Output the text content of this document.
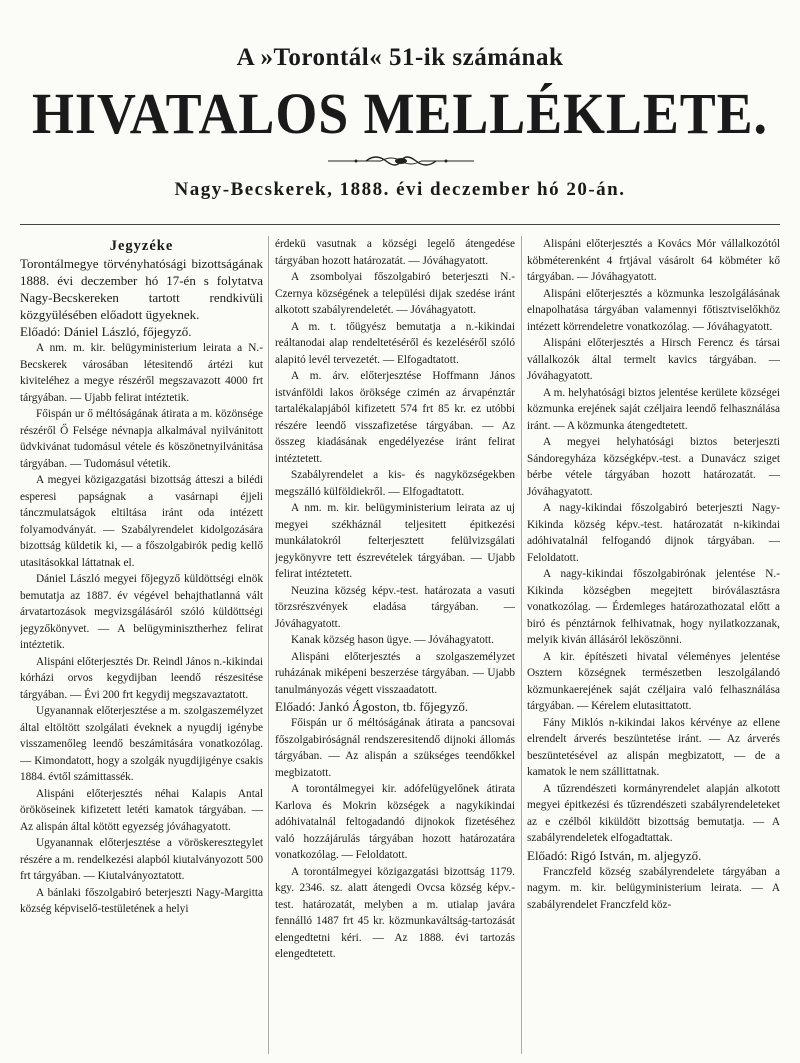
A »Torontál« 51-ik számának
HIVATALOS MELLÉKLETE.
Nagy-Becskerek, 1888. évi deczember hó 20-án.
Jegyzéke

Torontálmegye törvényhatósági bizottságának 1888. évi deczember hó 17-én s folytatva Nagy-Becskereken tartott rendkivüli közgyülésében előadott ügyeknek.

Előadó: Dániel László, főjegyző.

A nm. m. kir. belügyministerium leirata a N.-Becskerek városában létesitendő ártézi kut kiviteléhez a megye részéről megszavazott 4000 frt tárgyában. — Ujabb felirat intéztetik.

Főispán ur ő méltóságának átirata a m. közönsége részéről Ő Felsége névnapja alkalmával nyilvánitott üdvkivánat tudomásul vétele és köszönetnyilvánitása tárgyában. — Tudomásul vétetik.

A megyei közigazgatási bizottság átteszi a bilédi esperesi papságnak a vasárnapi éjjeli tánczmulatságok eltiltása iránt oda intézett folyamodványát. — Szabályrendelet kidolgozására bizottság küldetik ki, — a főszolgabirók pedig kellő utasitásokkal láttatnak el.

Dániel László megyei főjegyző küldöttségi elnök bemutatja az 1887. év végével behajthatlanná vált árvatartozások megvizsgálásáról szóló küldöttségi jegyzőkönyvet. — A belügyminisztherhez felirat intéztetik.

Alispáni előterjesztés Dr. Reindl János n.-kikindai kórházi orvos kegydijban leendő részesitése tárgyában. — Évi 200 frt kegydij megszavaztatott.

Ugyanannak előterjesztése a m. szolgaszemélyzet által eltöltött szolgálati éveknek a nyugdij igénybe visszamenőleg leendő beszámitására vonatkozólag. — Kimondatott, hogy a szolgák nyugdijigénye csakis 1884. évtől számittassék.

Alispáni előterjesztés néhai Kalapis Antal örököseinek kifizetett letéti kamatok tárgyában. — Az alispán által kötött egyezség jóváhagyatott.

Ugyanannak előterjesztése a vöröskeresztegylet részére a m. rendelkezési alapból kiutalványozott 500 frt tárgyában. — Kiutalványoztatott.

A bánlaki főszolgabiró beterjeszti Nagy-Margitta község képviselő-testületének a helyi

érdekü vasutnak a községi legelő átengedése tárgyában hozott határozatát. — Jóváhagyatott.

A zsombolyai főszolgabiró beterjeszti N.-Czernya községének a települési dijak szedése iránt alkotott szabályrendeletét. — Jóváhagyatott.

A m. t. tőügyész bemutatja a n.-kikindai reáltanodai alap rendeltetéséről és kezeléséről szóló alapitó levél tervezetét. — Elfogadtatott.

A m. árv. előterjesztése Hoffmann János istvánföldi lakos öröksége czimén az árvapénztár tartalékalapjából kifizetett 574 frt 85 kr. ez utóbbi részére leendő visszafizetése tárgyában. — Az összeg kiadásának engedélyezése iránt felirat intéztetett.

Szabályrendelet a kis- és nagyközségekben megszálló külföldiekről. — Elfogadtatott.

A nm. m. kir. belügyministerium leirata az uj megyei székháznál teljesitett épitkezési munkálatokról felterjesztett felülvizsgálati jegykönyvre tett észrevételek tárgyában. — Ujabb felirat intéztetett.

Neuzina község képv.-test. határozata a vasuti törzsrészvények eladása tárgyában. — Jóváhagyatott.

Kanak község hason ügye. — Jóváhagyatott.

Alispáni előterjesztés a szolgaszemélyzet ruházának miképeni beszerzése tárgyában. — Ujabb tanulmányozás végett visszaadatott.

Előadó: Jankó Ágoston, tb. főjegyző.

Főispán ur ő méltóságának átirata a pancsovai főszolgabiróságnál rendszeresitendő dijnoki állomás tárgyában. — Az alispán a szükséges teendőkkel megbizatott.

A torontálmegyei kir. adófelügyelőnek átirata Karlova és Mokrin községek a nagykikindai adóhivatalnál feltogadandó dijnokok fizetéséhez való hozzájárulás tárgyában hozott határozatára vonatkozólag. — Feloldatott.

A torontálmegyei közigazgatási bizottság 1179. kgy. 2346. sz. alatt átengedi Ovcsa község képv.-test. határozatát, melyben a m. utialap javára fennálló 1487 frt 45 kr. közmunkaváltság-tartozását elengedtetni kéri. — Az 1888. évi tartozás elengedtetett.

Alispáni előterjesztés a Kovács Mór vállalkozótól köbméterenként 4 frtjával vásárolt 64 köbméter kő tárgyában. — Jóváhagyatott.

Alispáni előterjesztés a közmunka leszolgálásának elnapolhatása tárgyában valamennyi főtisztviselőkhöz intézett körrendeletre vonatkozólag. — Jóváhagyatott.

Alispáni előterjesztés a Hirsch Ferencz és társai vállalkozók által termelt kavics tárgyában. — Jóváhagyatott.

A m. helyhatósági biztos jelentése kerülete községei közmunka erejének saját czéljaira leendő felhasználása iránt. — A közmunka átengedtetett.

A megyei helyhatósági biztos beterjeszti Sándoregyháza községképv.-test. a Dunavácz sziget bérbe vétele tárgyában hozott határozatát. — Jóváhagyatott.

A nagy-kikindai főszolgabiró beterjeszti Nagy-Kikinda község képv.-test. határozatát n-kikindai adóhivatalnál felfogandó dijnok tárgyában. — Feloldatott.

A nagy-kikindai főszolgabirónak jelentése N.-Kikinda községben megejtett biróválasztásra vonatkozólag. — Érdemleges határozathozatal előtt a biró és pénztárnok felhivatnak, hogy nyilatkozzanak, melyik kiván állásáról leköszönni.

A kir. építészeti hivatal véleményes jelentése Osztern községnek természetben leszolgálandó közmunkaerejének saját czéljaira való felhasználása tárgyában. — Kérelem elutasittatott.

Fány Miklós n-kikindai lakos kérvénye az ellene elrendelt árverés beszüntetése iránt. — Az árverés beszüntetésével az alispán megbizatott, — de a kamatok le nem szállittatnak.

A tűzrendészeti kormányrendelet alapján alkotott megyei épitkezési és tűzrendészeti szabályrendeleteket az e czélból kiküldött bizottság bemutatja. — A szabályrendeletek elfogadtattak.

Előadó: Rigó István, m. aljegyző.

Franczfeld község szabályrendelete tárgyában a nagym. m. kir. belügyministerium leirata. — A szabályrendelet Franczfeld köz-
